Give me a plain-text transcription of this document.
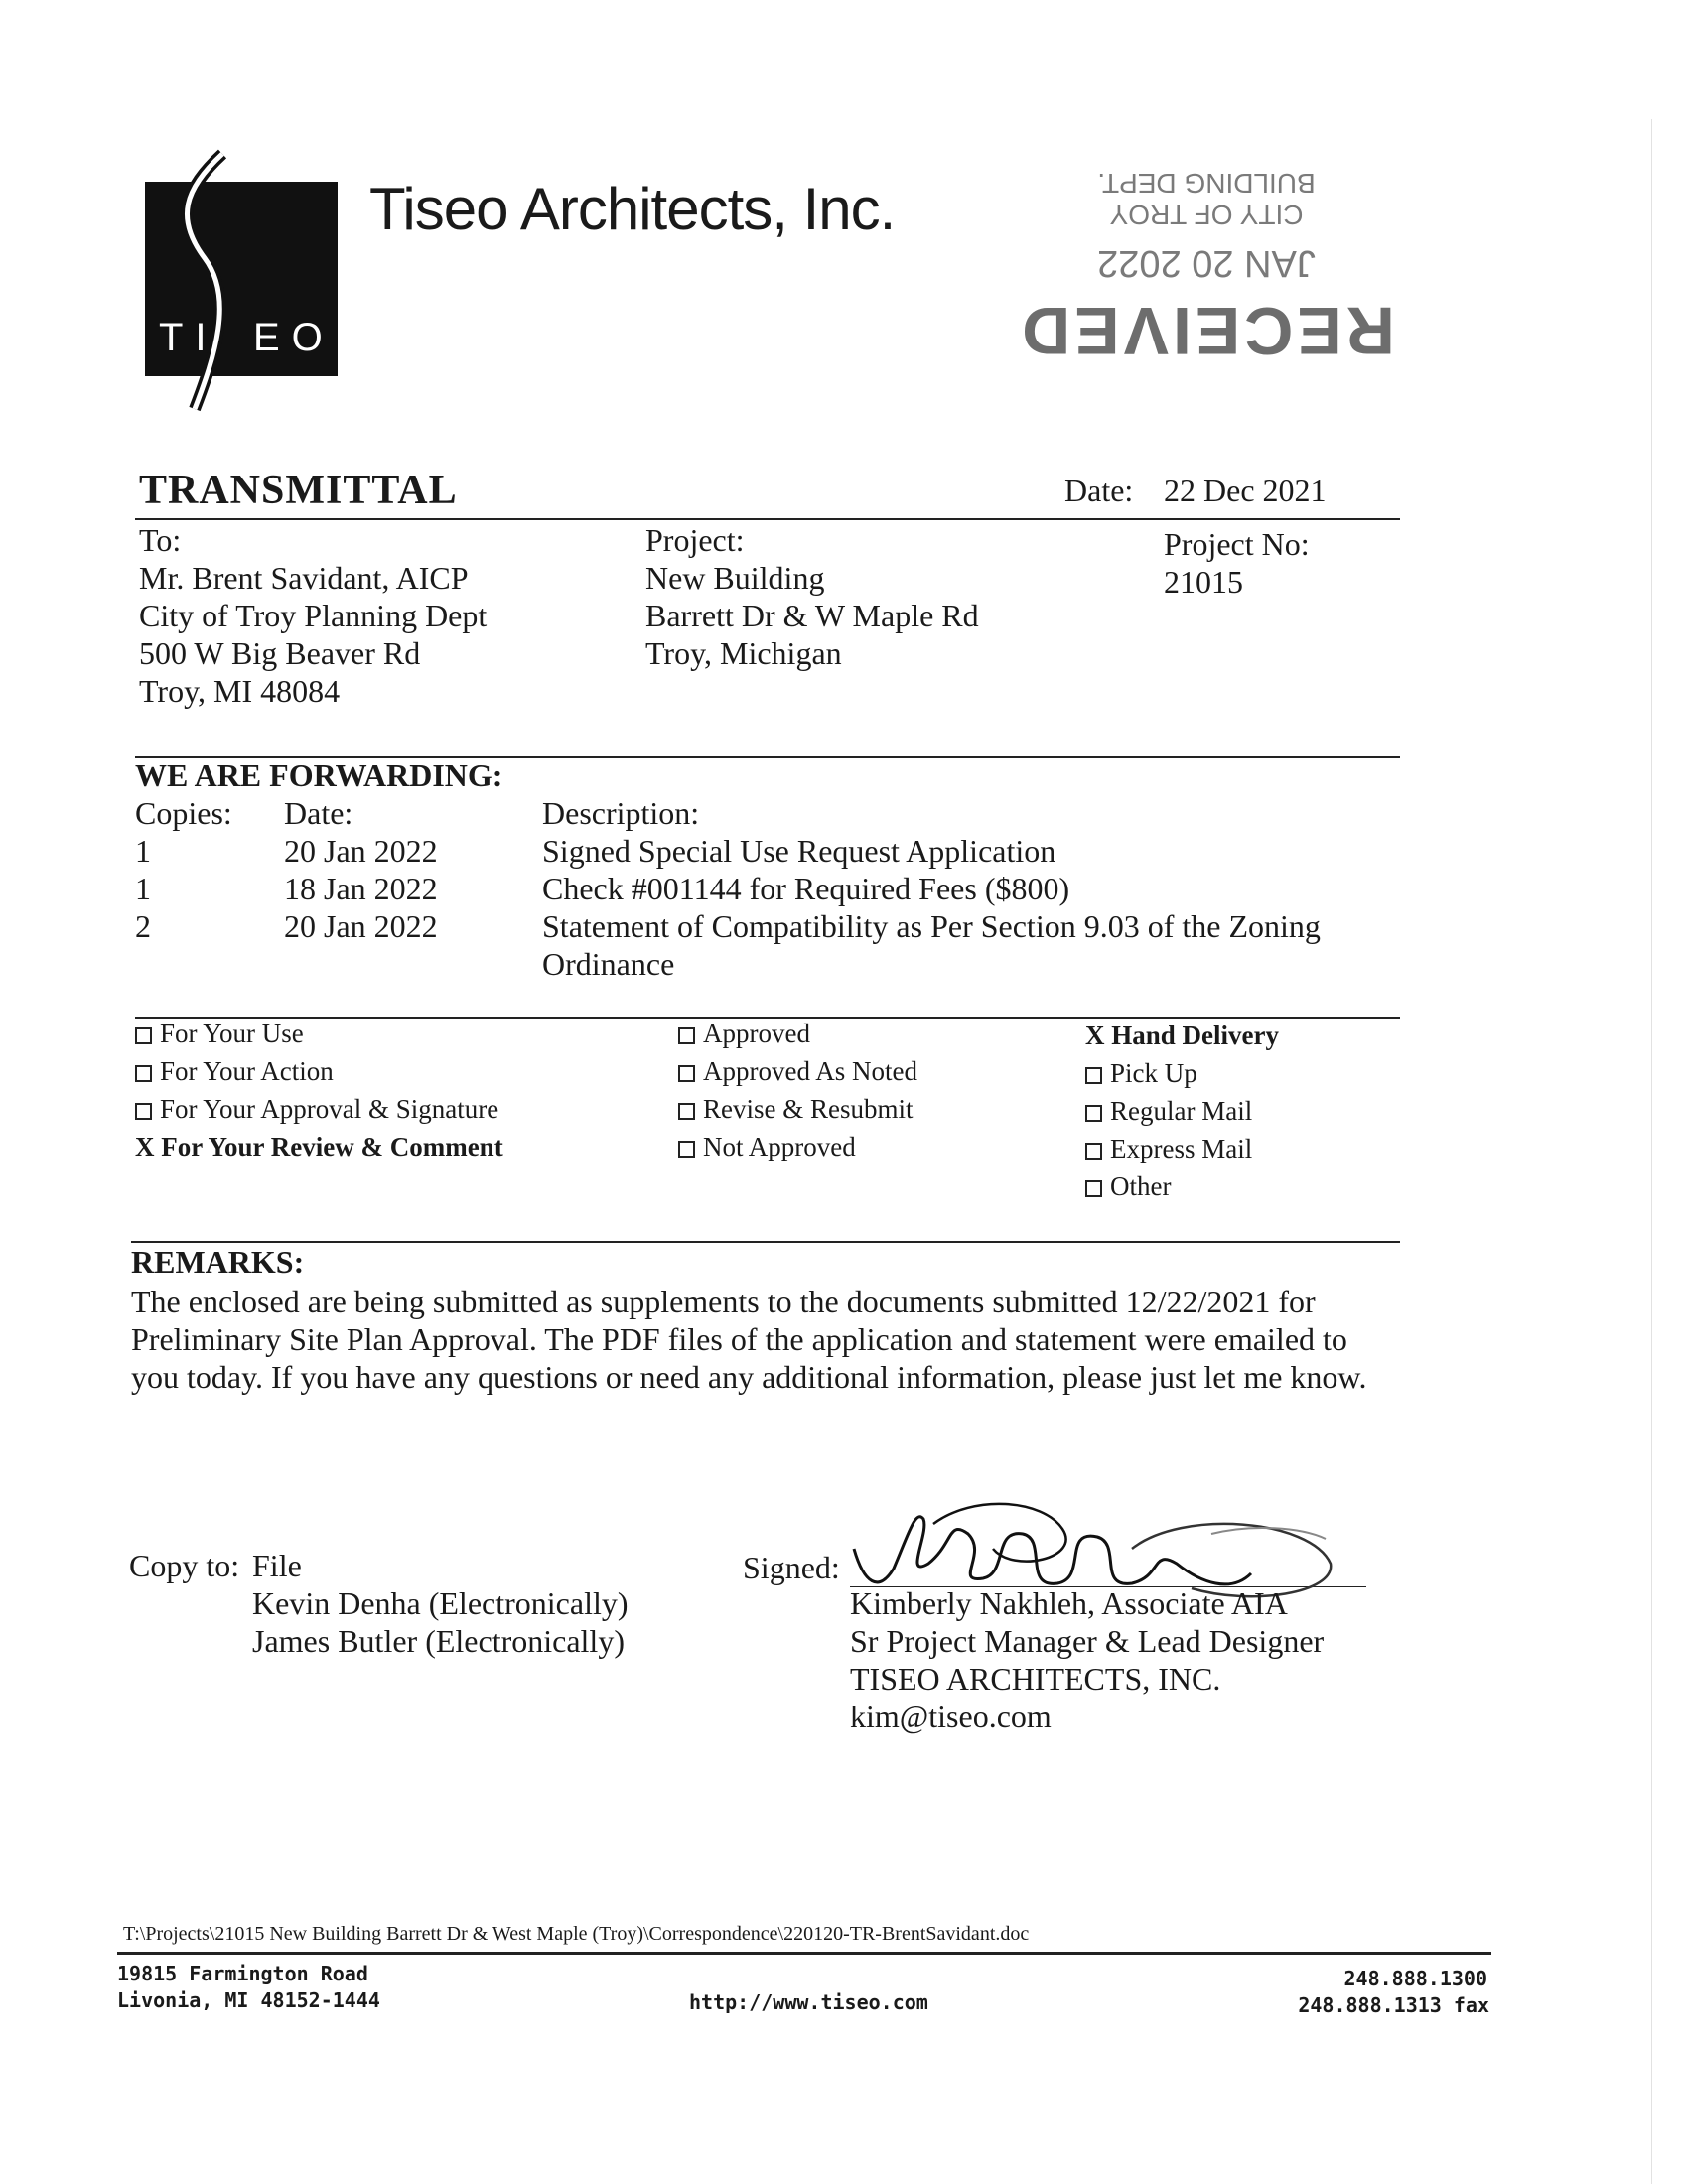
TI EO
Tiseo Architects, Inc.
RECEIVED
JAN 20 2022
CITY OF TROY
BUILDING DEPT.
TRANSMITTAL	Date: 22 Dec 2021
To:
Mr. Brent Savidant, AICP
City of Troy Planning Dept
500 W Big Beaver Rd
Troy, MI 48084
Project:
New Building
Barrett Dr & W Maple Rd
Troy, Michigan
Project No:
21015
WE ARE FORWARDING:
Copies: Date:	Description:
1	20 Jan 2022	Signed Special Use Request Application
1	18 Jan 2022	Check #001144 for Required Fees ($800)
2	20 Jan 2022	Statement of Compatibility as Per Section 9.03 of the Zoning
Ordinance
For Your Use
For Your Action
For Your Approval & Signature
X For Your Review & Comment
Approved
Approved As Noted
Revise & Resubmit
Not Approved
X Hand Delivery
Pick Up
Regular Mail
Express Mail
Other
REMARKS:
The enclosed are being submitted as supplements to the documents submitted 12/22/2021 for Preliminary Site Plan Approval. The PDF files of the application and statement were emailed to you today. If you have any questions or need any additional information, please just let me know.
Copy to: File
Kevin Denha (Electronically)
James Butler (Electronically)
Signed:
Kimberly Nakhleh, Associate AIA
Sr Project Manager & Lead Designer
TISEO ARCHITECTS, INC.
kim@tiseo.com
T:\Projects\21015 New Building Barrett Dr & West Maple (Troy)\Correspondence\220120-TR-BrentSavidant.doc
19815 Farmington Road
Livonia, MI 48152-1444	http://www.tiseo.com
248.888.1300
248.888.1313 fax
